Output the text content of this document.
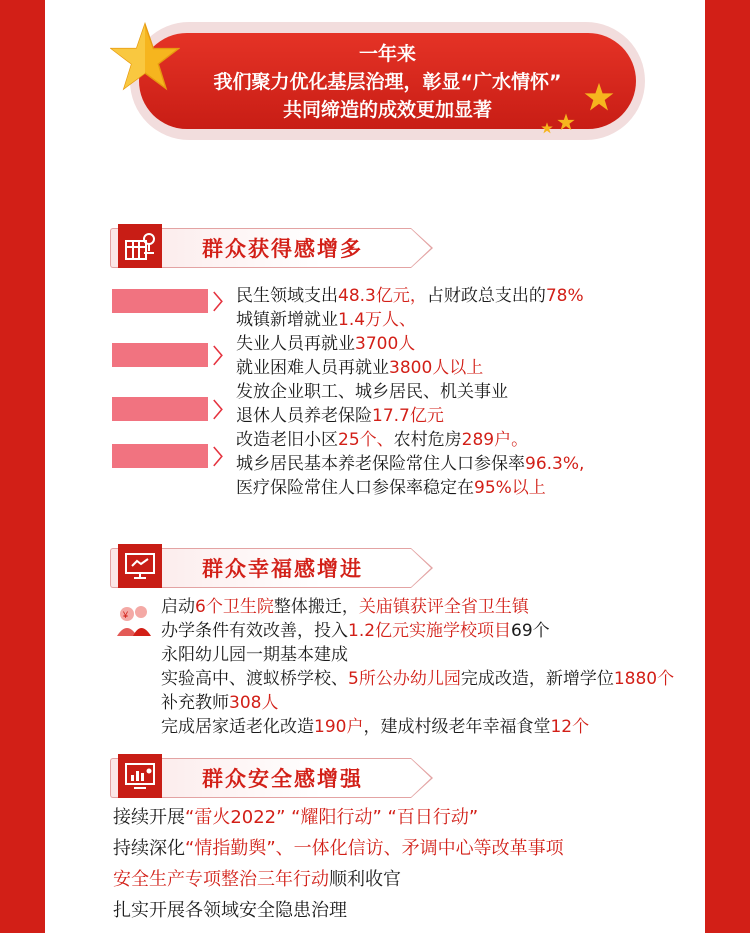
一年来
我们聚力优化基层治理，彰显“广水情怀”
共同缔造的成效更加显著
群众获得感增多
〉
〉
〉
〉
民生领域支出48.3亿元，占财政总支出的78%
城镇新增就业1.4万人、
失业人员再就业3700人
就业困难人员再就业3800人以上
发放企业职工、城乡居民、机关事业
退休人员养老保险17.7亿元
改造老旧小区25个、农村危房289户。
城乡居民基本养老保险常住人口参保率96.3%,
医疗保险常住人口参保率稳定在95%以上
群众幸福感增进
¥ 启动6个卫生院整体搬迁，关庙镇获评全省卫生镇
办学条件有效改善，投入1.2亿元实施学校项目69个
永阳幼儿园一期基本建成
实验高中、渡蚁桥学校、5所公办幼儿园完成改造，新增学位1880个
补充教师308人
完成居家适老化改造190户，建成村级老年幸福食堂12个
群众安全感增强
接续开展“雷火2022” “耀阳行动” “百日行动”
持续深化“情指勤舆”、一体化信访、矛调中心等改革事项
安全生产专项整治三年行动顺利收官
扎实开展各领域安全隐患治理
